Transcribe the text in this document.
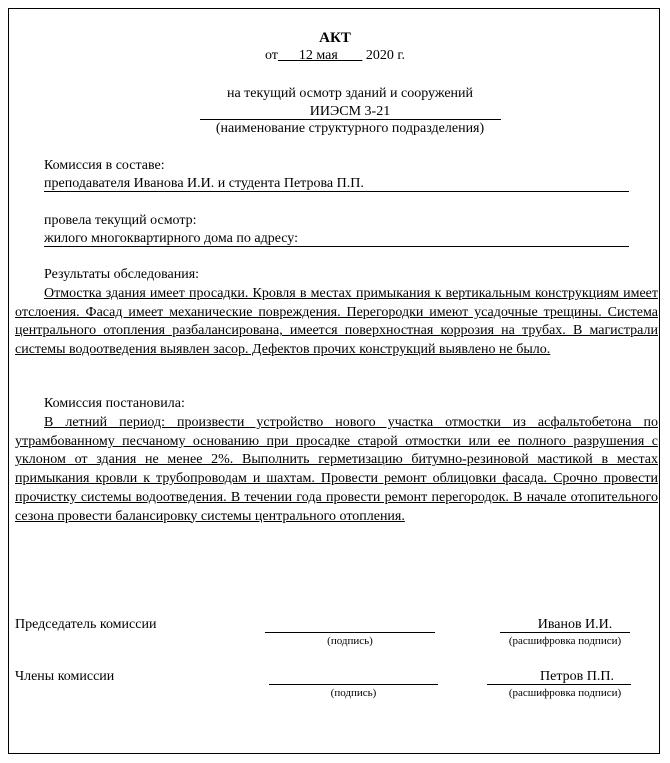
АКТ
от 12 мая 2020 г.
на текущий осмотр зданий и сооружений
ИИЭСМ 3-21
(наименование структурного подразделения)
Комиссия в составе:
преподавателя Иванова И.И. и студента Петрова П.П.
провела текущий осмотр:
жилого многоквартирного дома по адресу:
Результаты обследования:

Отмостка здания имеет просадки. Кровля в местах примыкания к вертикальным конструкциям имеет отслоения. Фасад имеет механические повреждения. Перегородки имеют усадочные трещины. Система центрального отопления разбалансирована, имеется поверхностная коррозия на трубах. В магистрали системы водоотведения выявлен засор. Дефектов прочих конструкций выявлено не было.

Комиссия постановила:

В летний период: произвести устройство нового участка отмостки из асфальтобетона по утрамбованному песчаному основанию при просадке старой отмостки или ее полного разрушения с уклоном от здания не менее 2%. Выполнить герметизацию битумно-резиновой мастикой в местах примыкания кровли к трубопроводам и шахтам. Провести ремонт облицовки фасада. Срочно провести прочистку системы водоотведения. В течении года провести ремонт перегородок. В начале отопительного сезона провести балансировку системы центрального отопления.

Председатель комиссии
(подпись)
Иванов И.И.
(расшифровка подписи)
Члены комиссии
(подпись)
Петров П.П.
(расшифровка подписи)
